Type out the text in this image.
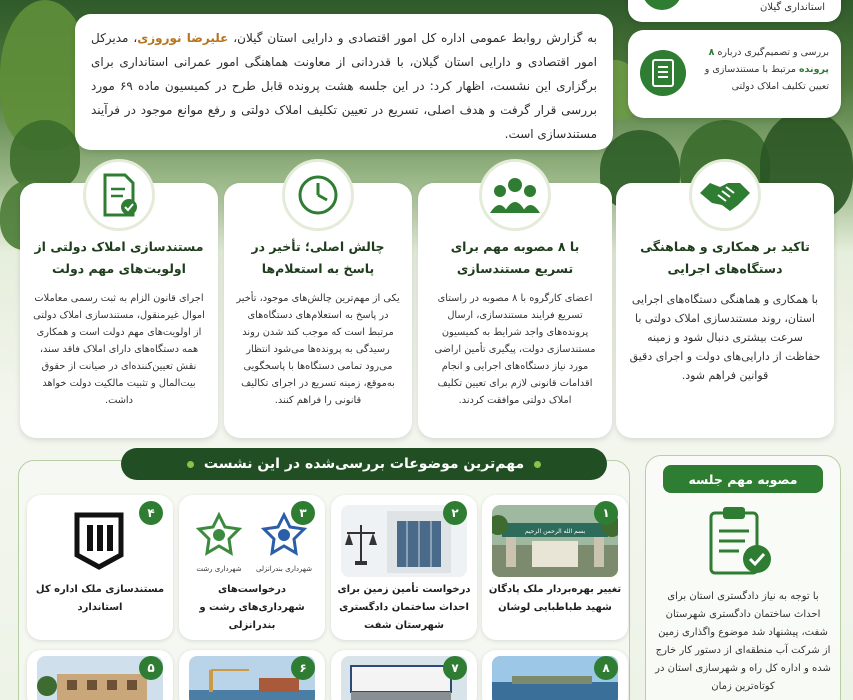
استانداری گیلان
به گزارش روابط عمومی اداره کل امور اقتصادی و دارایی استان گیلان، علیرضا نوروزی، مدیرکل امور اقتصادی و دارایی استان گیلان، با قدردانی از معاونت هماهنگی امور عمرانی استانداری برای برگزاری این نشست، اظهار کرد: در این جلسه هشت پرونده قابل طرح در کمیسیون ماده ۶۹ مورد بررسی قرار گرفت و هدف اصلی، تسریع در تعیین تکلیف املاک دولتی و رفع موانع موجود در فرآیند مستندسازی است.
بررسی و تصمیم‌گیری درباره ۸ پرونده مرتبط با مستندسازی و تعیین تکلیف املاک دولتی
تاکید بر همکاری و هماهنگی دستگاه‌های اجرایی

با همکاری و هماهنگی دستگاه‌های اجرایی استان، روند مستندسازی املاک دولتی با سرعت بیشتری دنبال شود و زمینه حفاظت از دارایی‌های دولت و اجرای دقیق قوانین فراهم شود.

با ۸ مصوبه مهم برای تسریع مستندسازی

اعضای کارگروه با ۸ مصوبه در راستای تسریع فرایند مستندسازی، ارسال پرونده‌های واجد شرایط به کمیسیون مستندسازی دولت، پیگیری تأمین اراضی مورد نیاز دستگاه‌های اجرایی و انجام اقدامات قانونی لازم برای تعیین تکلیف املاک دولتی موافقت کردند.

چالش اصلی؛ تأخیر در پاسخ به استعلام‌ها

یکی از مهم‌ترین چالش‌های موجود، تأخیر در پاسخ به استعلام‌های دستگاه‌های مرتبط است که موجب کند شدن روند رسیدگی به پرونده‌ها می‌شود انتظار می‌رود تمامی دستگاه‌ها با پاسخگویی به‌موقع، زمینه تسریع در اجرای تکالیف قانونی را فراهم کنند.

مستندسازی املاک دولتی از اولویت‌های مهم دولت

اجرای قانون الزام به ثبت رسمی معاملات اموال غیرمنقول، مستندسازی املاک دولتی از اولویت‌های مهم دولت است و همکاری همه دستگاه‌های دارای املاک فاقد سند، نقش تعیین‌کننده‌ای در صیانت از حقوق بیت‌المال و تثبیت مالکیت دولت خواهد داشت.

مهم‌ترین موضوعات بررسی‌شده در این نشست
بسم الله الرحمن الرحیم
۱
تغییر بهره‌بردار ملک پادگان شهید طباطبایی لوشان
۲
درخواست تأمین زمین برای احداث ساختمان دادگستری شهرستان شفت
شهرداری بندرانزلی
شهرداری رشت
۳
درخواست‌های شهرداری‌های رشت و بندرانزلی
۴
مستندسازی ملک اداره کل استاندارد
۸
۷
۶
۵
مصوبه مهم جلسه
با توجه به نیاز دادگستری استان برای احداث ساختمان دادگستری شهرستان شفت، پیشنهاد شد موضوع واگذاری زمین از شرکت آب منطقه‌ای از دستور کار خارج شده و اداره کل راه و شهرسازی استان در کوتاه‌ترین زمان
